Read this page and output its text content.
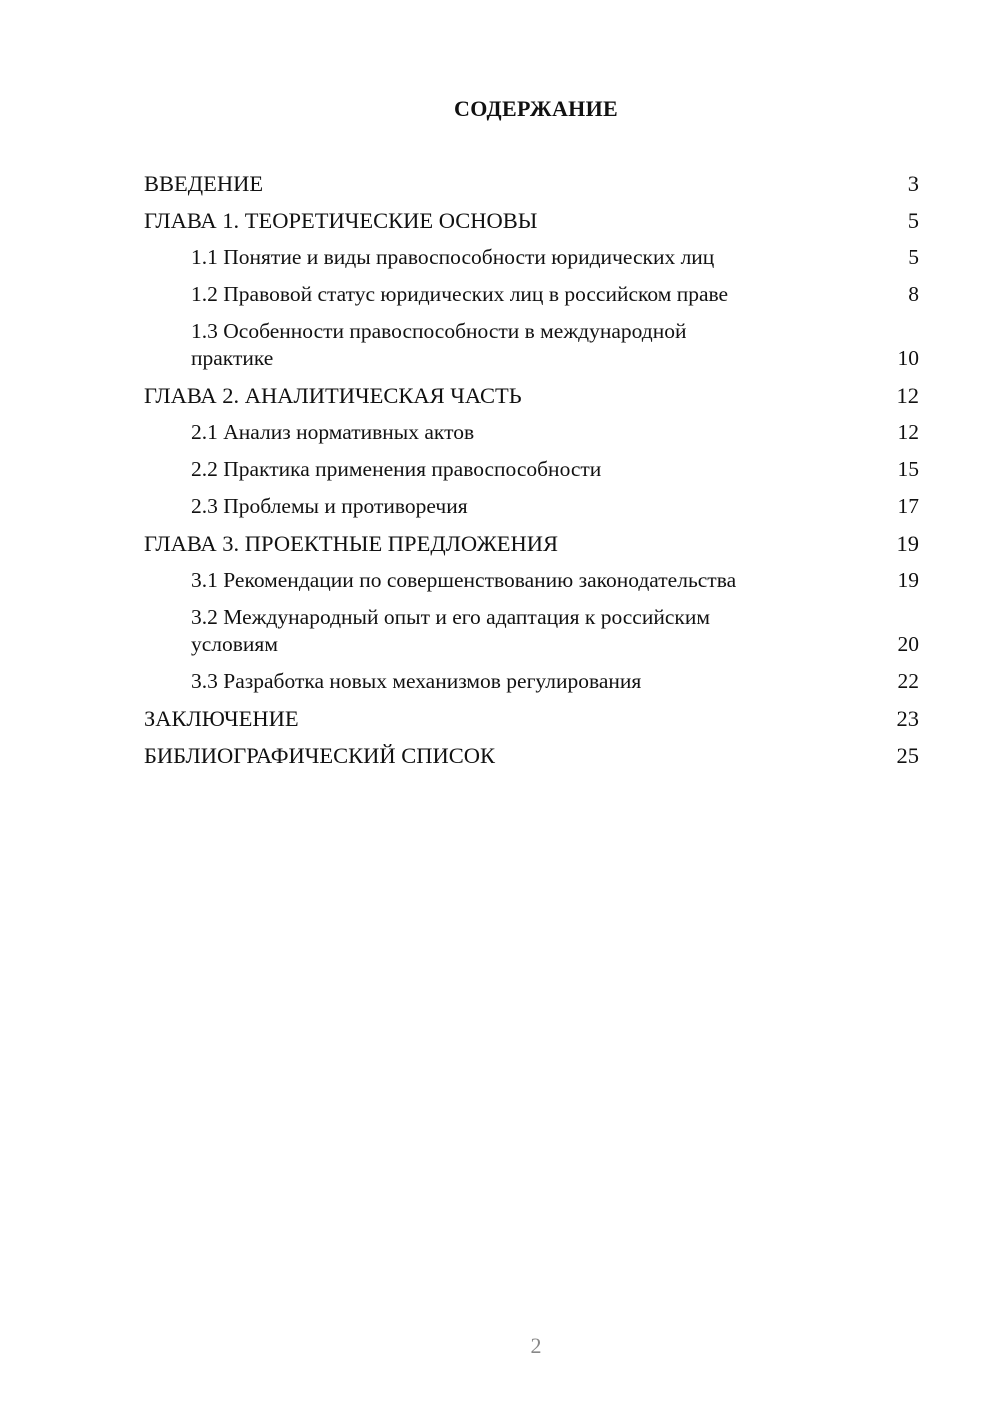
СОДЕРЖАНИЕ
ВВЕДЕНИЕ	3
ГЛАВА 1. ТЕОРЕТИЧЕСКИЕ ОСНОВЫ	5
1.1 Понятие и виды правоспособности юридических лиц	5
1.2 Правовой статус юридических лиц в российском праве	8
1.3 Особенности правоспособности в международной практике	10
ГЛАВА 2. АНАЛИТИЧЕСКАЯ ЧАСТЬ	12
2.1 Анализ нормативных актов	12
2.2 Практика применения правоспособности	15
2.3 Проблемы и противоречия	17
ГЛАВА 3. ПРОЕКТНЫЕ ПРЕДЛОЖЕНИЯ	19
3.1 Рекомендации по совершенствованию законодательства	19
3.2 Международный опыт и его адаптация к российским условиям	20
3.3 Разработка новых механизмов регулирования	22
ЗАКЛЮЧЕНИЕ	23
БИБЛИОГРАФИЧЕСКИЙ СПИСОК	25
2
